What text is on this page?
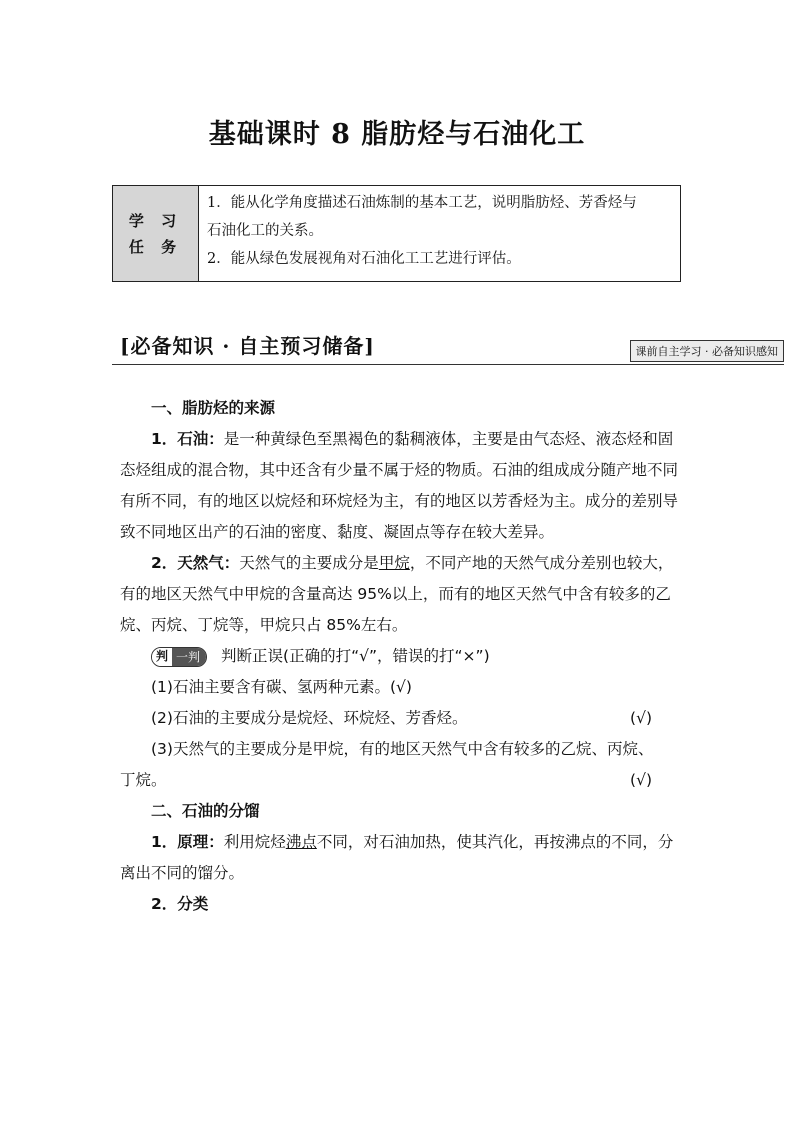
基础课时 8 脂肪烃与石油化工
学 习 任 务
1．能从化学角度描述石油炼制的基本工艺，说明脂肪烃、芳香烃与
石油化工的关系。
2．能从绿色发展视角对石油化工工艺进行评估。
[必备知识 · 自主预习储备]	课前自主学习 · 必备知识感知

一、脂肪烃的来源

1．石油：是一种黄绿色至黑褐色的黏稠液体，主要是由气态烃、液态烃和固态烃组成的混合物，其中还含有少量不属于烃的物质。石油的组成成分随产地不同有所不同，有的地区以烷烃和环烷烃为主，有的地区以芳香烃为主。成分的差别导致不同地区出产的石油的密度、黏度、凝固点等存在较大差异。

2．天然气：天然气的主要成分是甲烷，不同产地的天然气成分差别也较大，有的地区天然气中甲烷的含量高达 95%以上，而有的地区天然气中含有较多的乙烷、丙烷、丁烷等，甲烷只占 85%左右。

判 一判	判断正误(正确的打“√”，错误的打“×”)

(1)石油主要含有碳、氢两种元素。(√)

(2)石油的主要成分是烷烃、环烷烃、芳香烃。	(√)

(3)天然气的主要成分是甲烷，有的地区天然气中含有较多的乙烷、丙烷、

丁烷。	(√)

二、石油的分馏

1．原理：利用烷烃沸点不同，对石油加热，使其汽化，再按沸点的不同，分离出不同的馏分。

2．分类
